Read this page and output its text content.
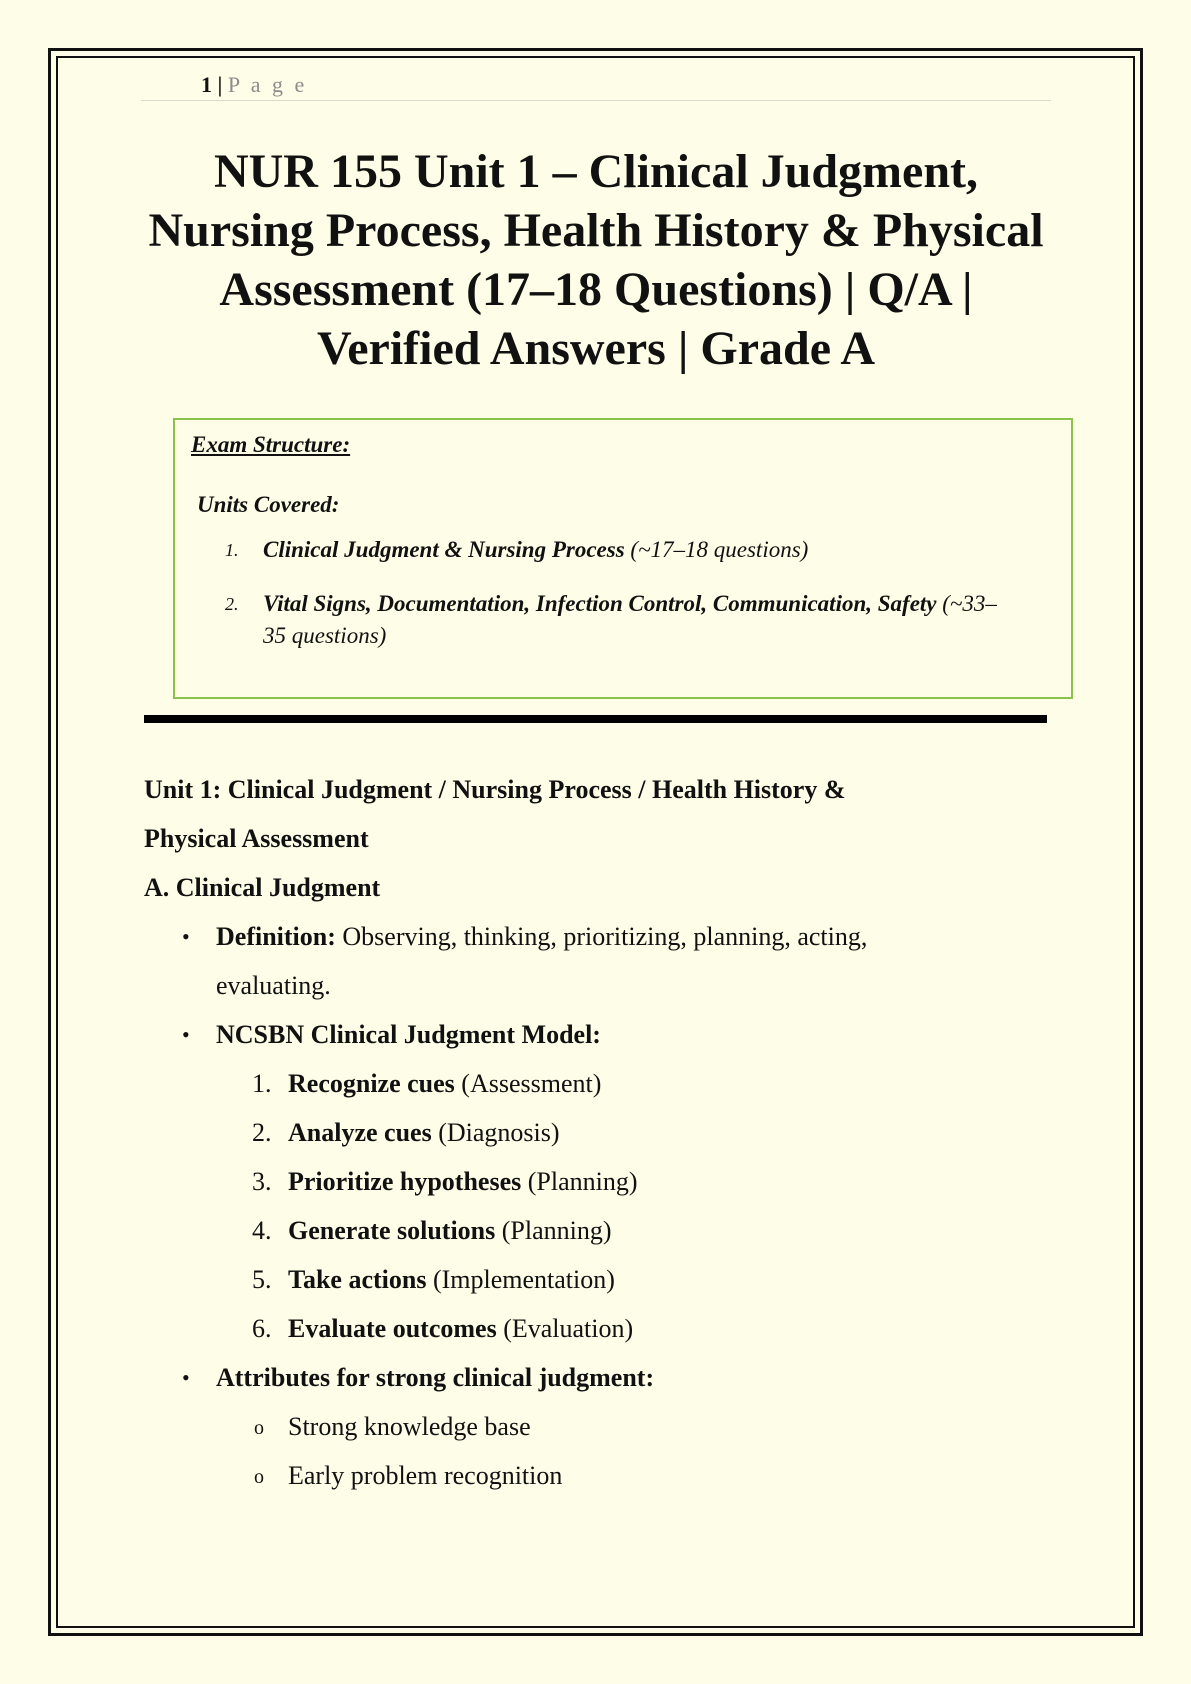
1 | P a g e
NUR 155 Unit 1 – Clinical Judgment, Nursing Process, Health History & Physical Assessment (17–18 Questions) | Q/A | Verified Answers | Grade A
Exam Structure:
Units Covered:
1. Clinical Judgment & Nursing Process (~17–18 questions)
2. Vital Signs, Documentation, Infection Control, Communication, Safety (~33–35 questions)
Unit 1: Clinical Judgment / Nursing Process / Health History & Physical Assessment
A. Clinical Judgment
• Definition: Observing, thinking, prioritizing, planning, acting, evaluating.
• NCSBN Clinical Judgment Model:
1. Recognize cues (Assessment)
2. Analyze cues (Diagnosis)
3. Prioritize hypotheses (Planning)
4. Generate solutions (Planning)
5. Take actions (Implementation)
6. Evaluate outcomes (Evaluation)
• Attributes for strong clinical judgment:
o Strong knowledge base
o Early problem recognition
